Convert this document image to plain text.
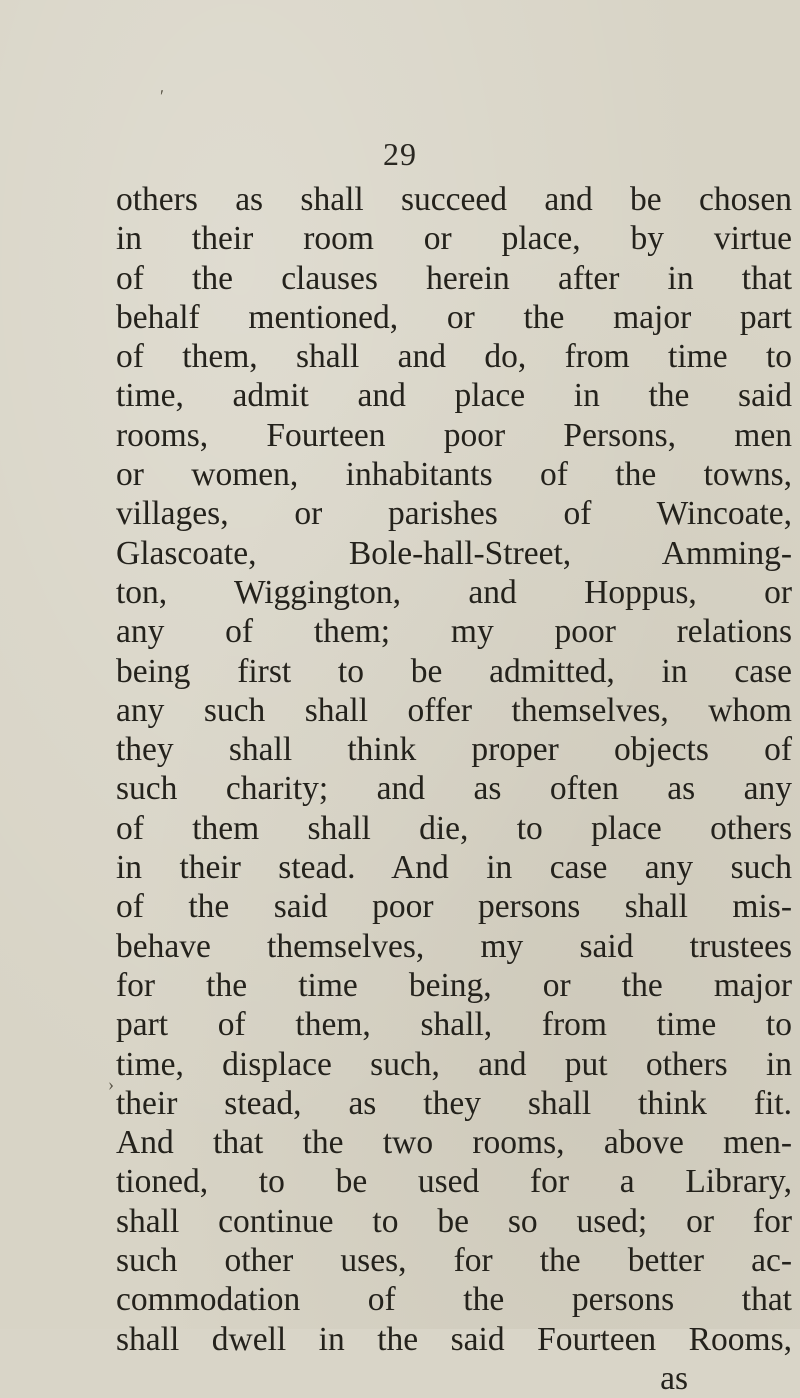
ʹ
›
29
others as shall succeed and be chosen
in their room or place, by virtue
of the clauses herein after in that
behalf mentioned, or the major part
of them, shall and do, from time to
time, admit and place in the said
rooms, Fourteen poor Persons, men
or women, inhabitants of the towns,
villages, or parishes of Wincoate,
Glascoate, Bole-hall-Street, Amming-
ton, Wiggington, and Hoppus, or
any of them; my poor relations
being first to be admitted, in case
any such shall offer themselves, whom
they shall think proper objects of
such charity; and as often as any
of them shall die, to place others
in their stead. And in case any such
of the said poor persons shall mis-
behave themselves, my said trustees
for the time being, or the major
part of them, shall, from time to
time, displace such, and put others in
their stead, as they shall think fit.
And that the two rooms, above men-
tioned, to be used for a Library,
shall continue to be so used; or for
such other uses, for the better ac-
commodation of the persons that
shall dwell in the said Fourteen Rooms,
as
